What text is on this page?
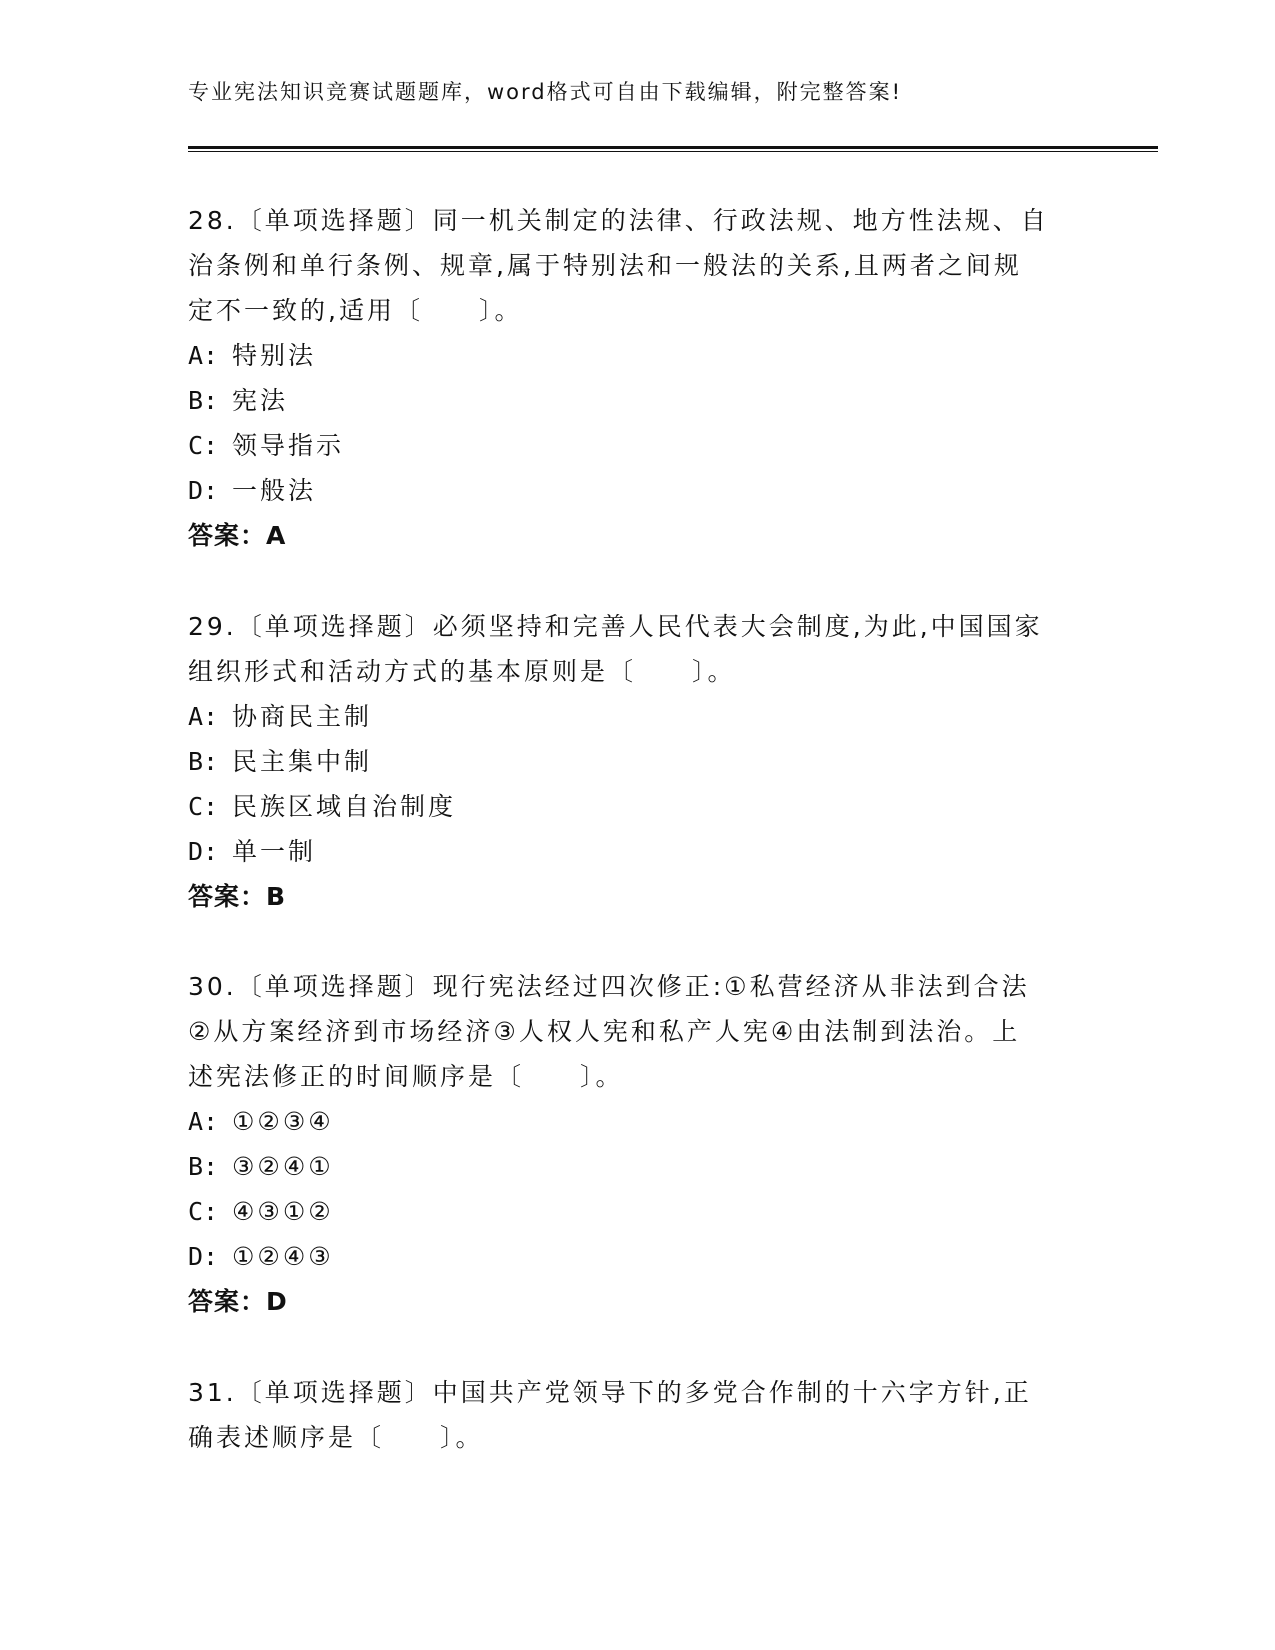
专业宪法知识竞赛试题题库，word格式可自由下载编辑，附完整答案!

28.〔单项选择题〕同一机关制定的法律、行政法规、地方性法规、自

治条例和单行条例、规章,属于特别法和一般法的关系,且两者之间规

定不一致的,适用〔　　〕。

A: 特别法

B: 宪法

C: 领导指示

D: 一般法

答案：A

29.〔单项选择题〕必须坚持和完善人民代表大会制度,为此,中国国家

组织形式和活动方式的基本原则是〔　　〕。

A: 协商民主制

B: 民主集中制

C: 民族区域自治制度

D: 单一制

答案：B

30.〔单项选择题〕现行宪法经过四次修正:①私营经济从非法到合法

②从方案经济到市场经济③人权人宪和私产人宪④由法制到法治。上

述宪法修正的时间顺序是〔　　〕。

A: ①②③④

B: ③②④①

C: ④③①②

D: ①②④③

答案：D

31.〔单项选择题〕中国共产党领导下的多党合作制的十六字方针,正

确表述顺序是〔　　〕。
